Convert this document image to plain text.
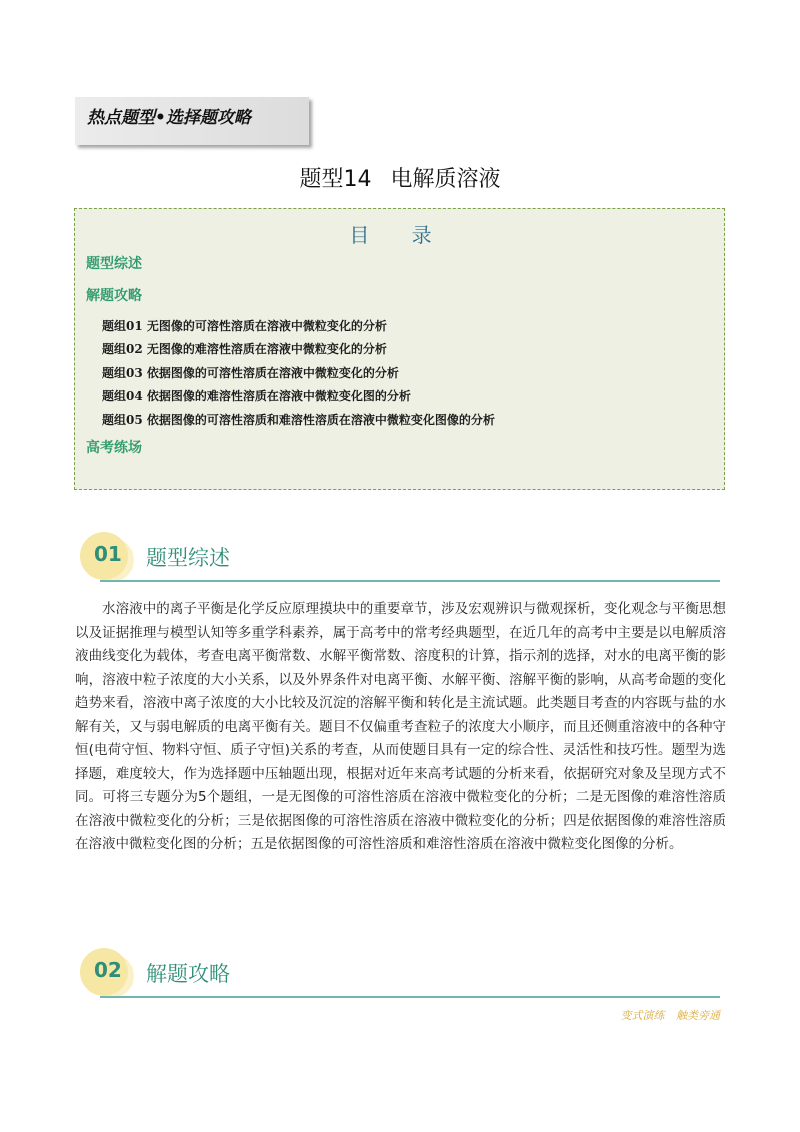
热点题型•选择题攻略
题型14 电解质溶液
目 录
题型综述
解题攻略
题组01 无图像的可溶性溶质在溶液中微粒变化的分析
题组02 无图像的难溶性溶质在溶液中微粒变化的分析
题组03 依据图像的可溶性溶质在溶液中微粒变化的分析
题组04 依据图像的难溶性溶质在溶液中微粒变化图的分析
题组05 依据图像的可溶性溶质和难溶性溶质在溶液中微粒变化图像的分析
高考练场
01 题型综述
水溶液中的离子平衡是化学反应原理摸块中的重要章节，涉及宏观辨识与微观探析，变化观念与平衡思想以及证据推理与模型认知等多重学科素养，属于高考中的常考经典题型，在近几年的高考中主要是以电解质溶液曲线变化为载体，考查电离平衡常数、水解平衡常数、溶度积的计算，指示剂的选择，对水的电离平衡的影响，溶液中粒子浓度的大小关系，以及外界条件对电离平衡、水解平衡、溶解平衡的影响，从高考命题的变化趋势来看，溶液中离子浓度的大小比较及沉淀的溶解平衡和转化是主流试题。此类题目考查的内容既与盐的水解有关，又与弱电解质的电离平衡有关。题目不仅偏重考查粒子的浓度大小顺序，而且还侧重溶液中的各种守恒(电荷守恒、物料守恒、质子守恒)关系的考查，从而使题目具有一定的综合性、灵活性和技巧性。题型为选择题，难度较大，作为选择题中压轴题出现，根据对近年来高考试题的分析来看，依据研究对象及呈现方式不同。可将三专题分为5个题组，一是无图像的可溶性溶质在溶液中微粒变化的分析；二是无图像的难溶性溶质在溶液中微粒变化的分析；三是依据图像的可溶性溶质在溶液中微粒变化的分析；四是依据图像的难溶性溶质在溶液中微粒变化图的分析；五是依据图像的可溶性溶质和难溶性溶质在溶液中微粒变化图像的分析。
02 解题攻略
变式演练 触类旁通
